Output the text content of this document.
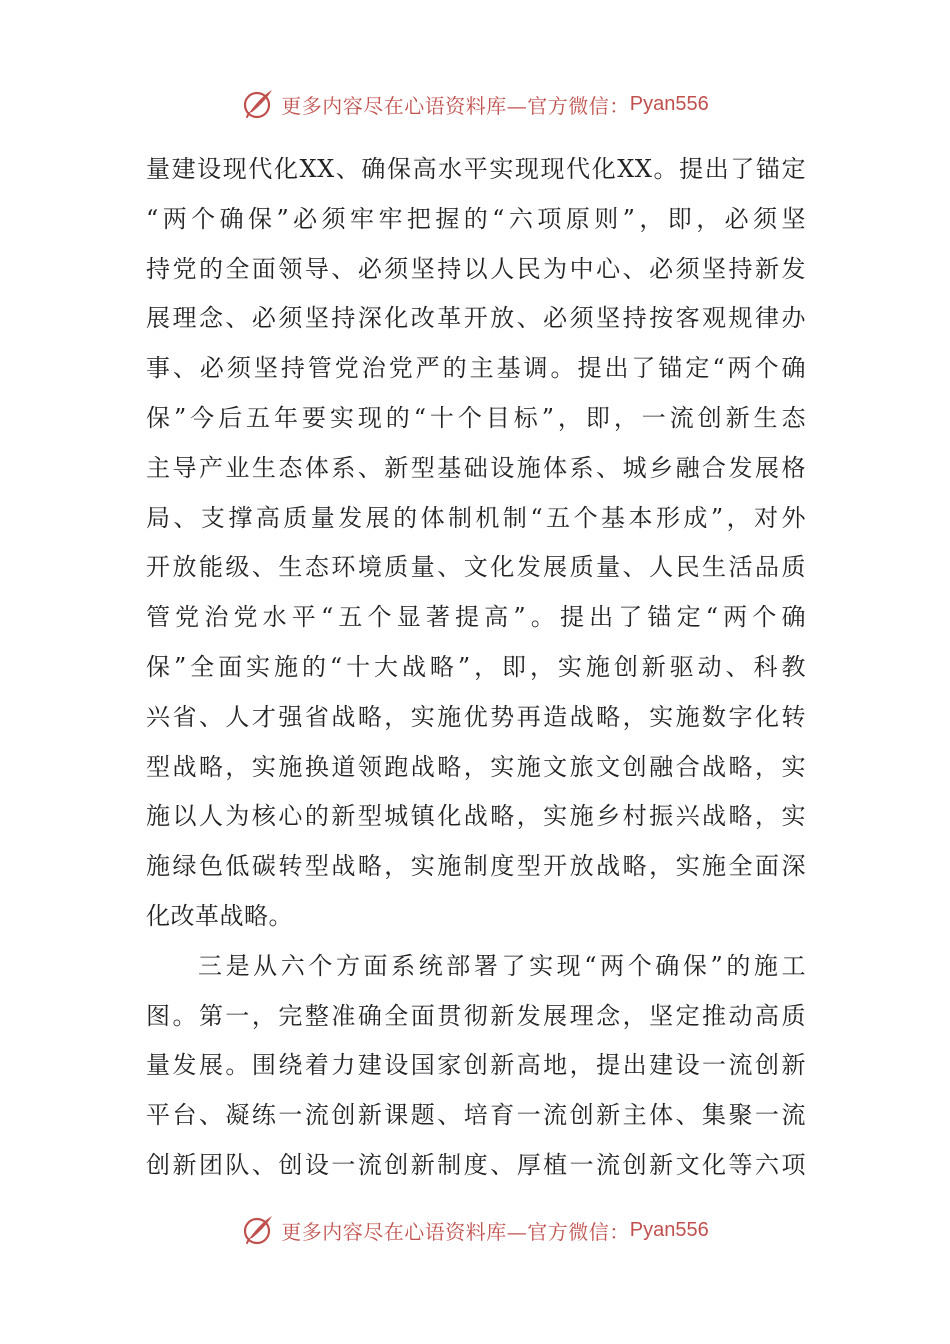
更多内容尽在心语资料库—官方微信： Pyan556
量建设现代化XX、确保高水平实现现代化XX。提出了锚定
“两个确保”必须牢牢把握的“六项原则”，即，必须坚
持党的全面领导、必须坚持以人民为中心、必须坚持新发
展理念、必须坚持深化改革开放、必须坚持按客观规律办
事、必须坚持管党治党严的主基调。提出了锚定“两个确
保”今后五年要实现的“十个目标”，即，一流创新生态
主导产业生态体系、新型基础设施体系、城乡融合发展格
局、支撑高质量发展的体制机制“五个基本形成”，对外
开放能级、生态环境质量、文化发展质量、人民生活品质
管党治党水平“五个显著提高”。提出了锚定“两个确
保”全面实施的“十大战略”，即，实施创新驱动、科教
兴省、人才强省战略，实施优势再造战略，实施数字化转
型战略，实施换道领跑战略，实施文旅文创融合战略，实
施以人为核心的新型城镇化战略，实施乡村振兴战略，实
施绿色低碳转型战略，实施制度型开放战略，实施全面深
化改革战略。
三是从六个方面系统部署了实现“两个确保”的施工
图。第一，完整准确全面贯彻新发展理念，坚定推动高质
量发展。围绕着力建设国家创新高地，提出建设一流创新
平台、凝练一流创新课题、培育一流创新主体、集聚一流
创新团队、创设一流创新制度、厚植一流创新文化等六项
更多内容尽在心语资料库—官方微信： Pyan556
